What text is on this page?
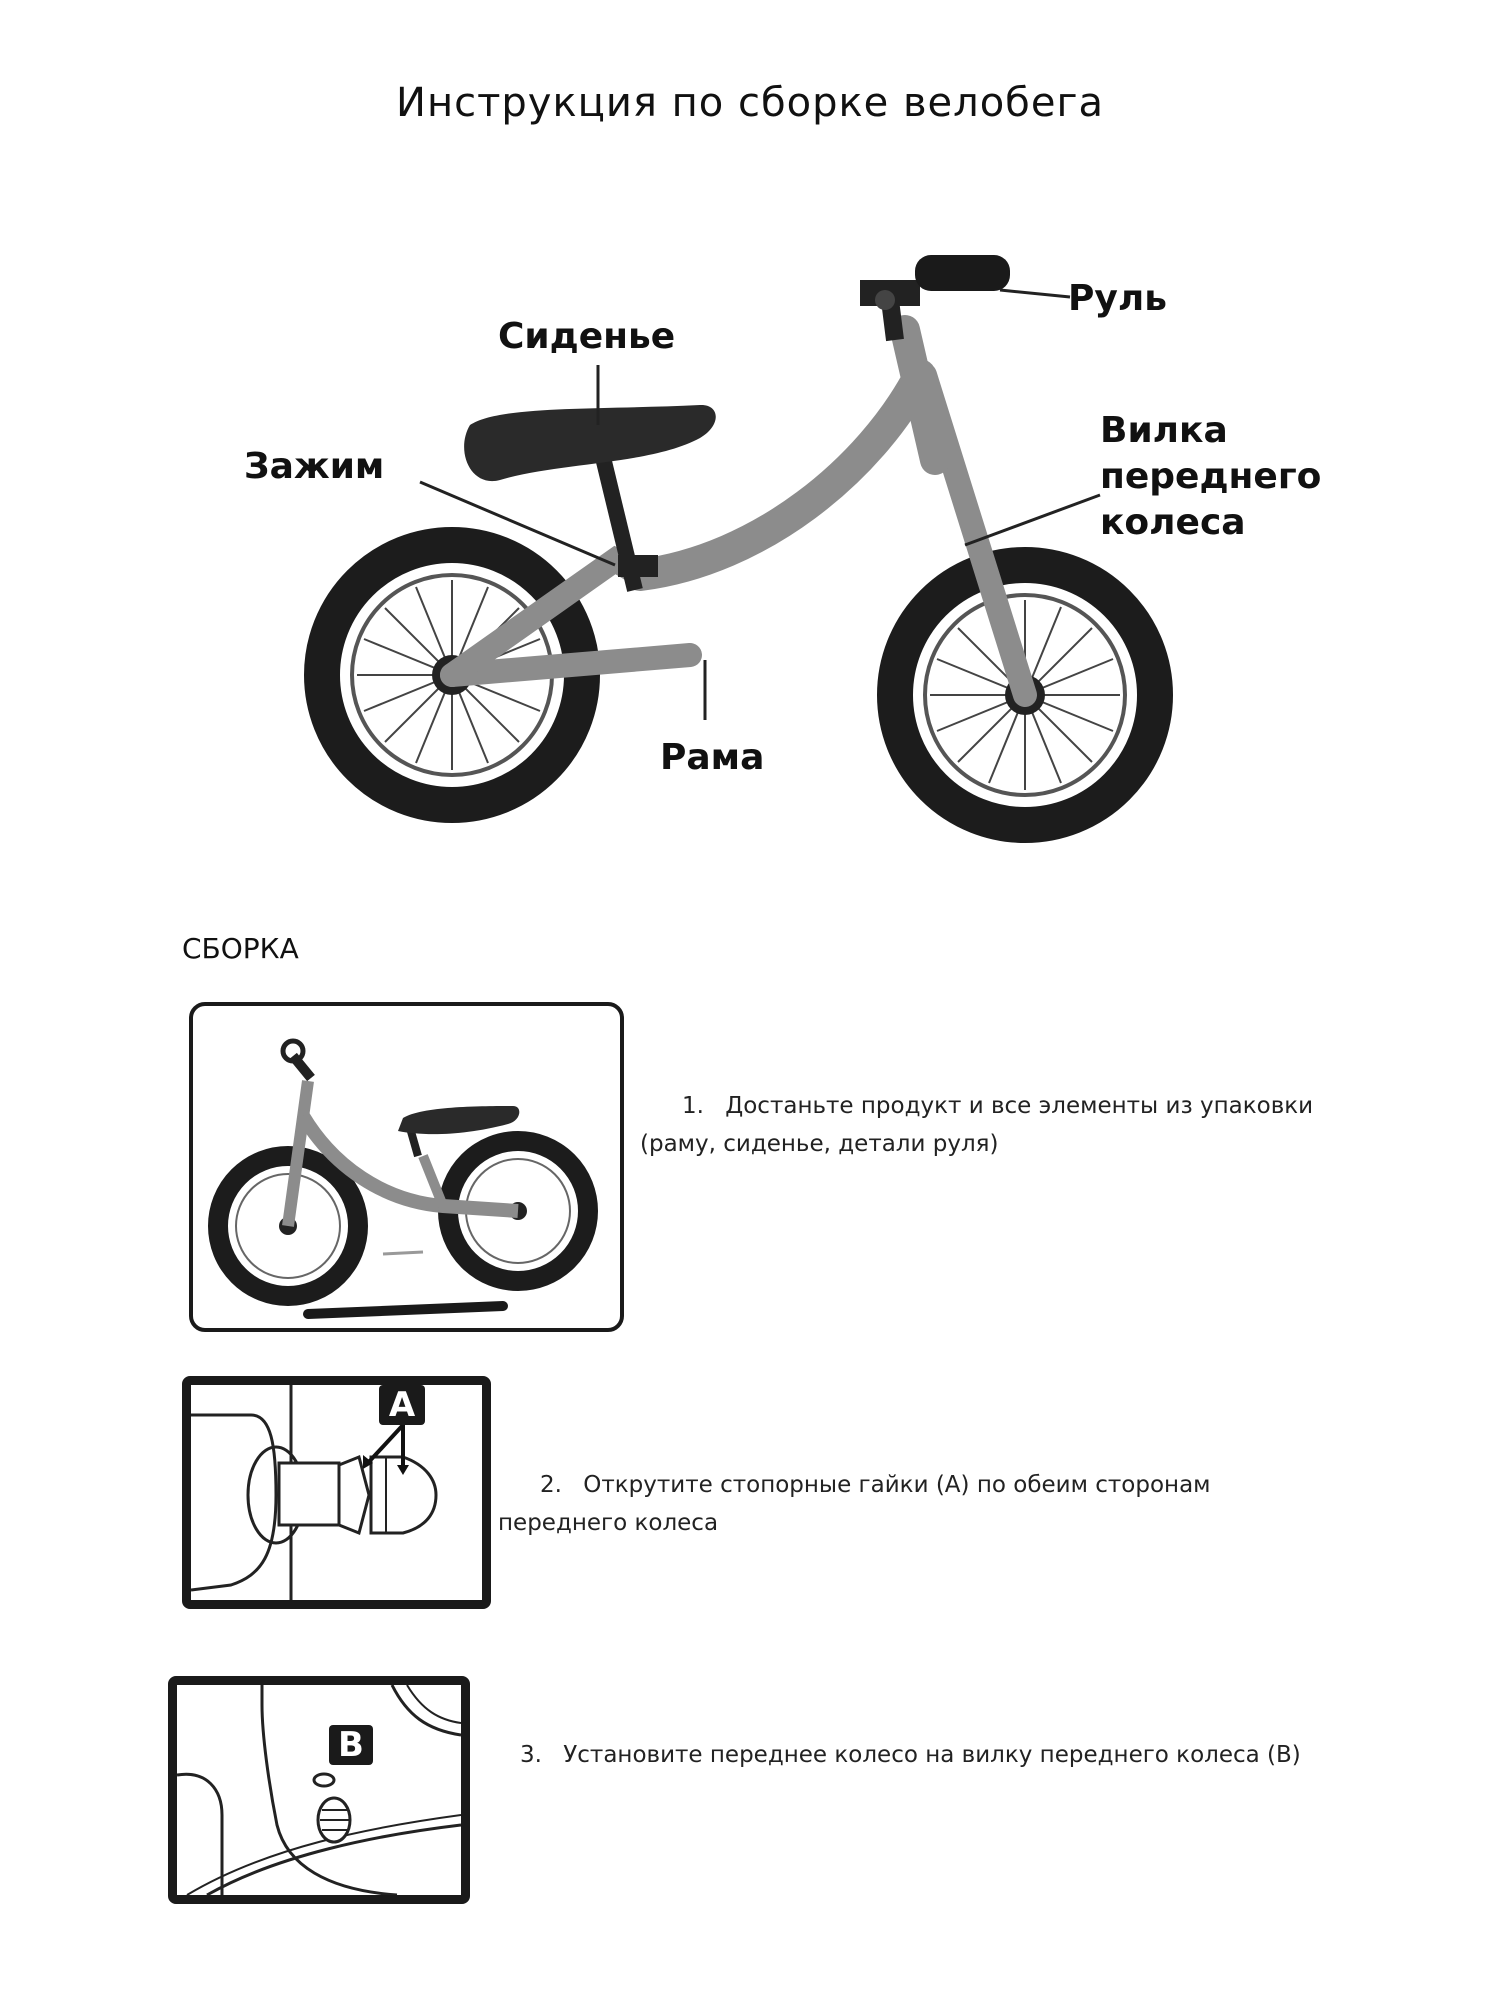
Инструкция по сборке велобега
Сиденье
Руль
Зажим
Вилка переднего колеса
Рама
СБОРКА
1. Достаньте продукт и все элементы из упаковки (раму, сиденье, детали руля)
A
2. Открутите стопорные гайки (А) по обеим сторонам переднего колеса
B	3. Установите переднее колесо на вилку переднего колеса (B)
